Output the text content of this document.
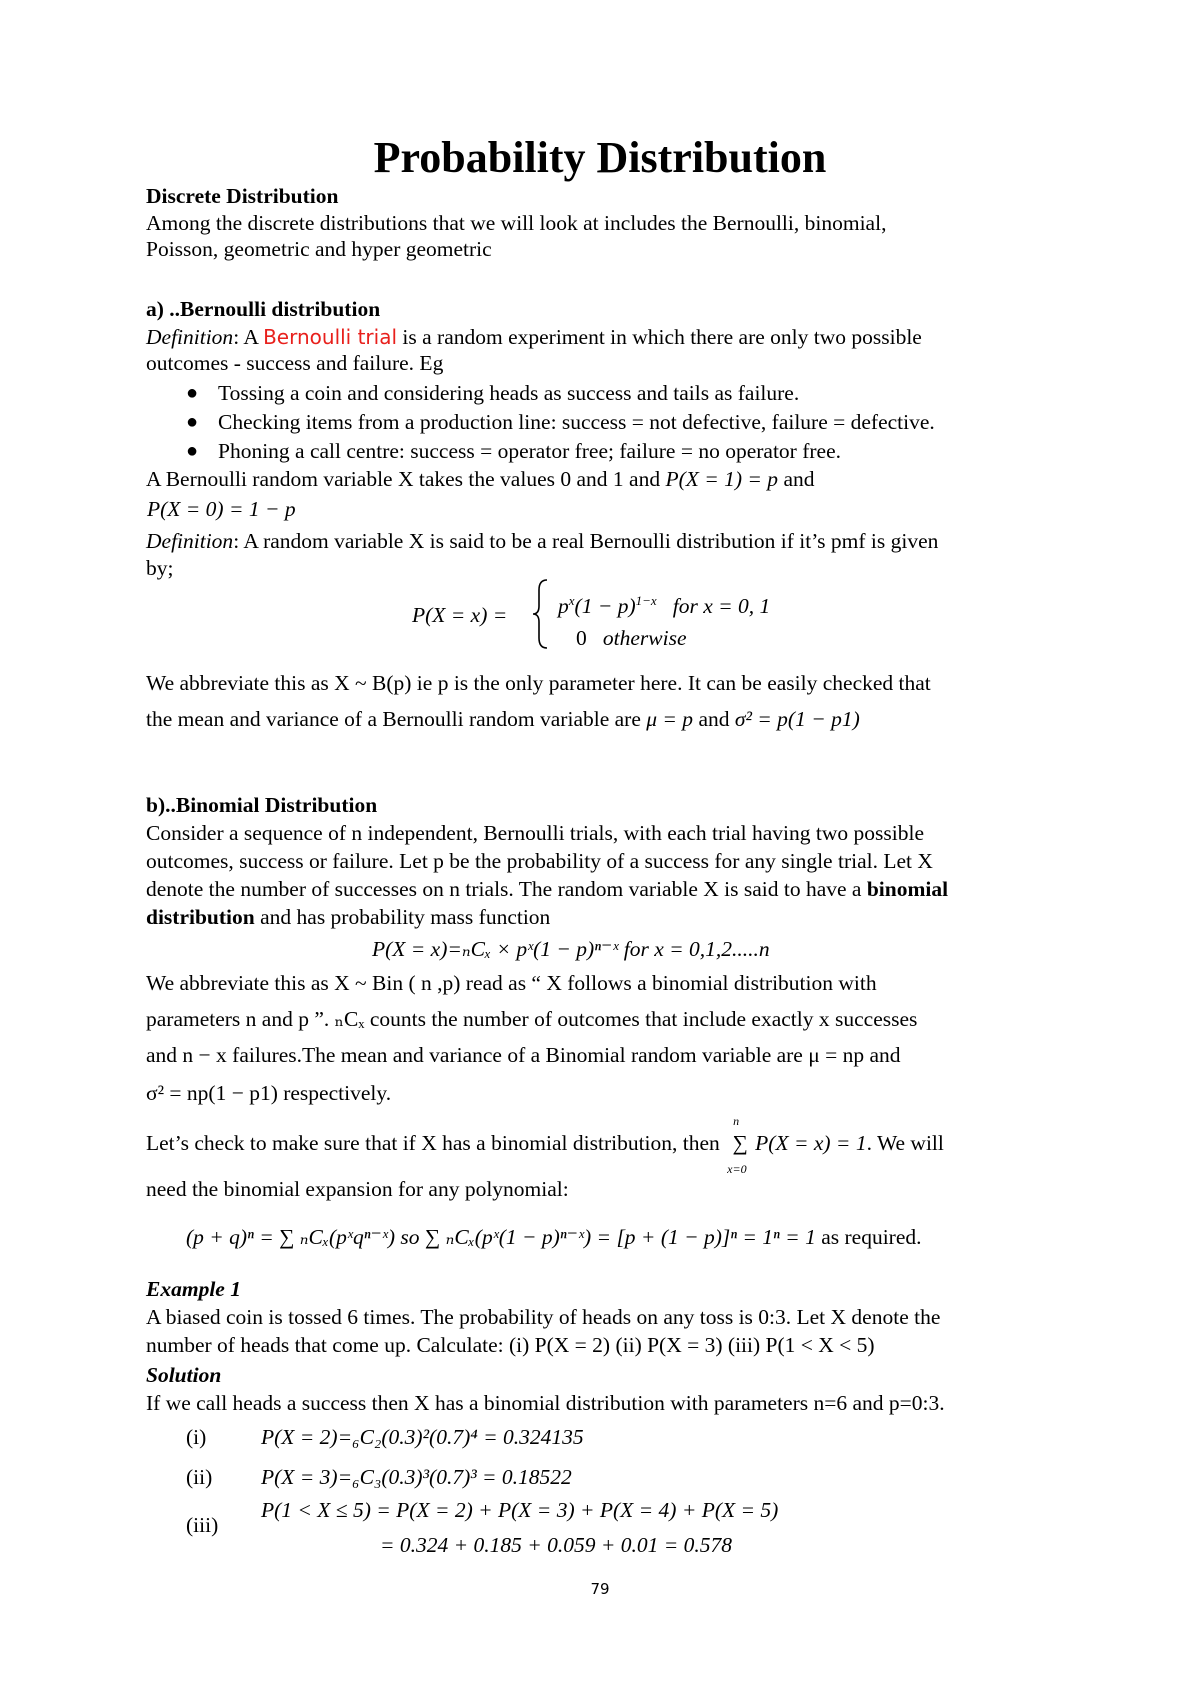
Probability Distribution
Discrete Distribution
Among the discrete distributions that we will look at includes the Bernoulli, binomial,
Poisson, geometric and hyper geometric
a) ..Bernoulli distribution
Definition: A Bernoulli trial is a random experiment in which there are only two possible
outcomes - success and failure. Eg
● Tossing a coin and considering heads as success and tails as failure.
● Checking items from a production line: success = not defective, failure = defective.
● Phoning a call centre: success = operator free; failure = no operator free.
A Bernoulli random variable X takes the values 0 and 1 and P(X = 1) = p and
P(X = 0) = 1 − p
Definition: A random variable X is said to be a real Bernoulli distribution if it’s pmf is given
by;
$P(X = x) = p^x(1 - p)^{1-x}$ for x = 0, 1
0 otherwise
We abbreviate this as X ~ B(p) ie p is the only parameter here. It can be easily checked that
the mean and variance of a Bernoulli random variable are μ = p and σ² = p(1 − p1)
b)..Binomial Distribution
Consider a sequence of n independent, Bernoulli trials, with each trial having two possible
outcomes, success or failure. Let p be the probability of a success for any single trial. Let X
denote the number of successes on n trials. The random variable X is said to have a binomial
distribution and has probability mass function
P(X = x)=ₙCₓ × pˣ(1 − p)ⁿ⁻ˣ for x = 0,1,2.....n
We abbreviate this as X ~ Bin ( n ,p) read as “ X follows a binomial distribution with
parameters n and p ”. ₙCₓ counts the number of outcomes that include exactly x successes
and n − x failures.The mean and variance of a Binomial random variable are μ = np and
σ² = np(1 − p1) respectively.
Let’s check to make sure that if X has a binomial distribution, then ∑
n
x=0
P(X = x) = 1. We will
need the binomial expansion for any polynomial:
(p + q)ⁿ = ∑ ₙCₓ(pˣqⁿ⁻ˣ) so ∑ ₙCₓ(pˣ(1 − p)ⁿ⁻ˣ) = [p + (1 − p)]ⁿ = 1ⁿ = 1 as required.
Example 1
A biased coin is tossed 6 times. The probability of heads on any toss is 0:3. Let X denote the
number of heads that come up. Calculate: (i) P(X = 2) (ii) P(X = 3) (iii) P(1 < X < 5)
Solution
If we call heads a success then X has a binomial distribution with parameters n=6 and p=0:3.
(i)	P(X = 2)=₆C₂(0.3)²(0.7)⁴ = 0.324135
(ii) P(X = 3)=₆C₃(0.3)³(0.7)³ = 0.18522
(iii)
P(1 < X ≤ 5) = P(X = 2) + P(X = 3) + P(X = 4) + P(X = 5)
= 0.324 + 0.185 + 0.059 + 0.01 = 0.578
79
